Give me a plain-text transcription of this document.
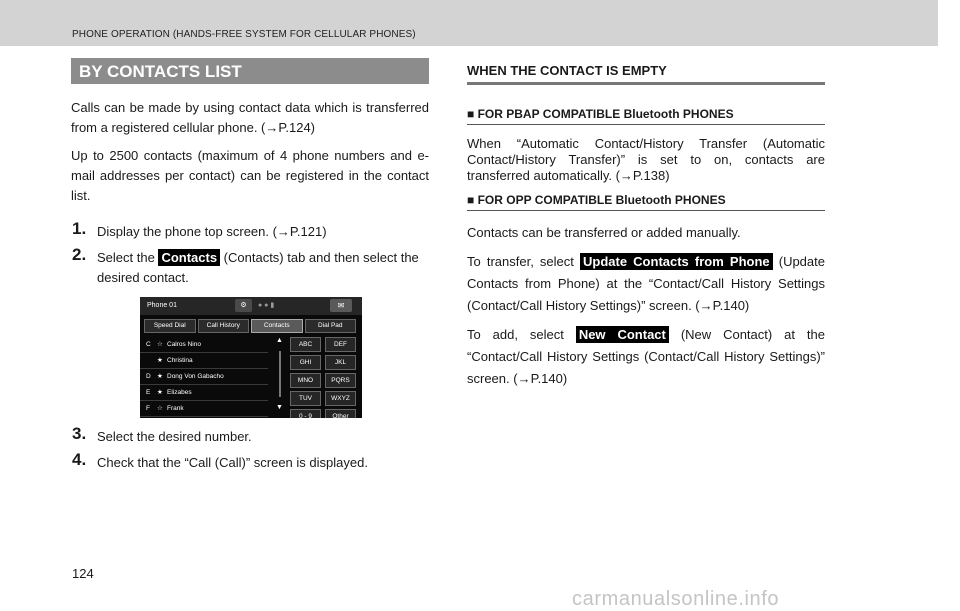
PHONE OPERATION (HANDS-FREE SYSTEM FOR CELLULAR PHONES)
BY CONTACTS LIST

Calls can be made by using contact data which is transferred from a registered cellular phone. (→P.124)

Up to 2500 contacts (maximum of 4 phone numbers and e-mail addresses per contact) can be registered in the contact list.

1. Display the phone top screen. (→P.121)
2. Select the Contacts (Contacts) tab and then select the desired contact.
Phone 01	⚙	● ● ▮	✉
Speed Dial	Call History	Contacts	Dial Pad
C ☆ Calros Nino
★ Christina
D ★ Dong Von Gabacho
E ★ Elizabes
F ☆ Frank
▲
▼
ABC	DEF
GHI	JKL
MNO	PQRS
TUV	WXYZ
0 - 9	Other
3. Select the desired number.
4. Check that the “Call (Call)” screen is displayed.
WHEN THE CONTACT IS EMPTY
■ FOR PBAP COMPATIBLE Bluetooth PHONES

When “Automatic Contact/History Transfer (Automatic Contact/History Transfer)” is set to on, contacts are transferred automatically. (→P.138)

■ FOR OPP COMPATIBLE Bluetooth PHONES

Contacts can be transferred or added manually.

To transfer, select Update Contacts from Phone (Update Contacts from Phone) at the “Contact/Call History Settings (Contact/Call History Settings)” screen. (→P.140)

To add, select New Contact (New Contact) at the “Contact/Call History Settings (Contact/Call History Settings)” screen. (→P.140)

124
carmanualsonline.info
